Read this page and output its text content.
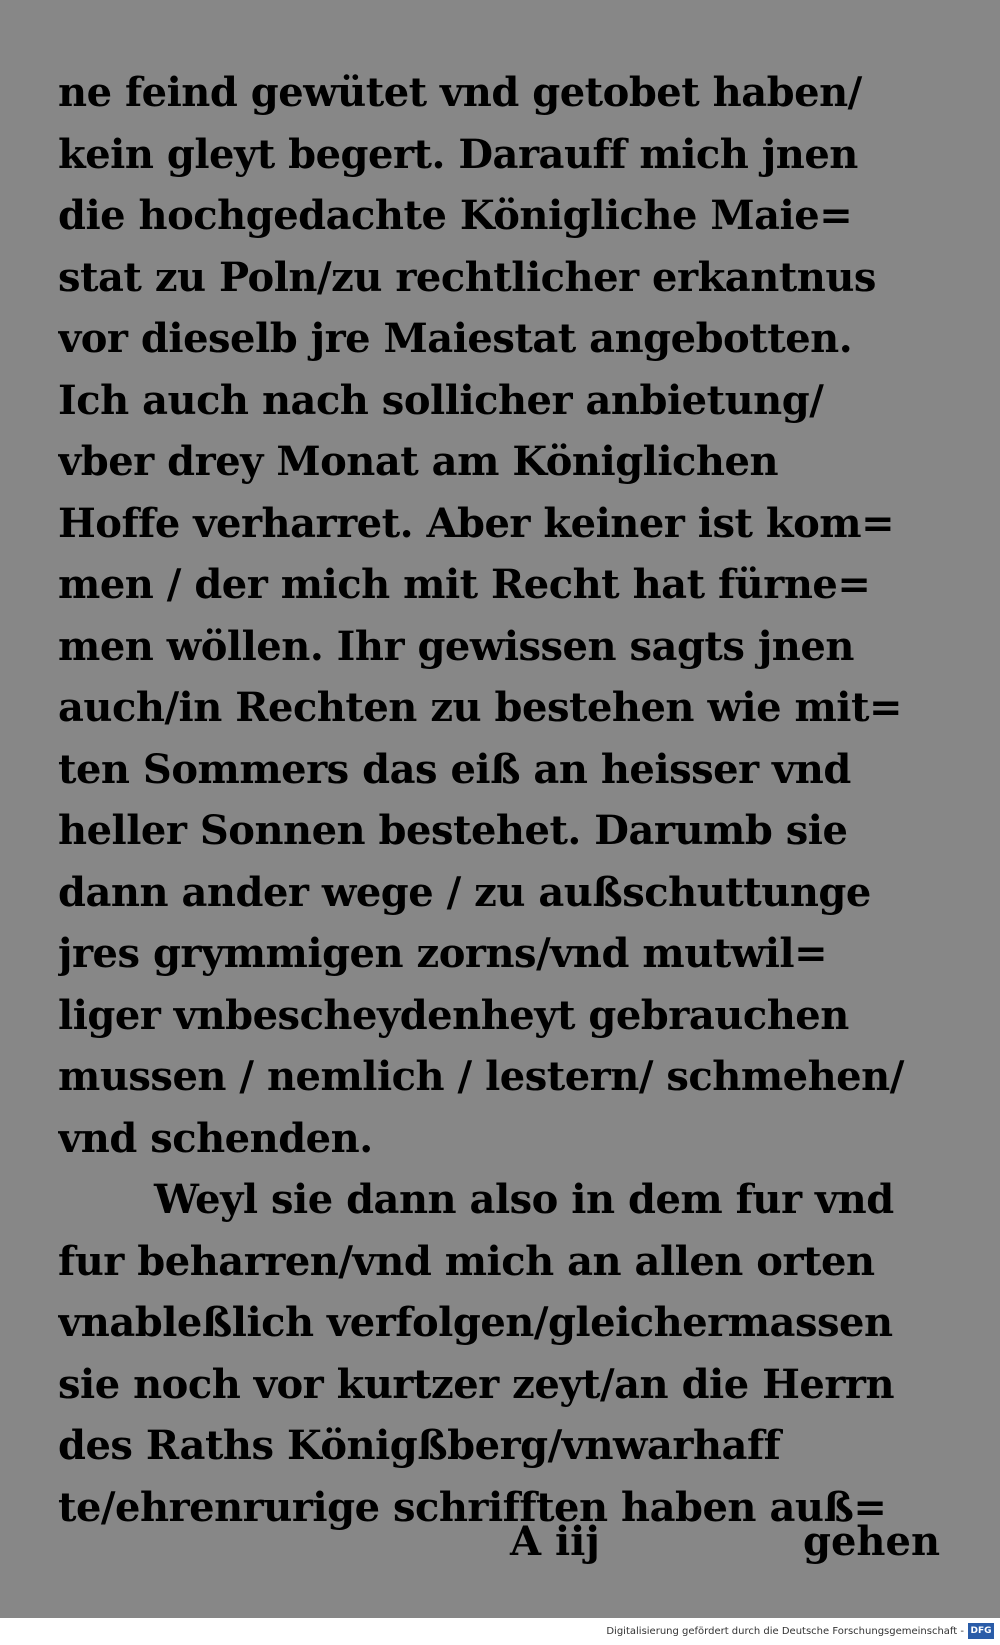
ne feind gewütet vnd getobet haben/
kein gleyt begert. Darauff mich jnen
die hochgedachte Königliche Maie=
stat zu Poln/zu rechtlicher erkantnus
vor dieselb jre Maiestat angebotten.
Ich auch nach sollicher anbietung/
vber drey Monat am Königlichen
Hoffe verharret. Aber keiner ist kom=
men / der mich mit Recht hat fürne=
men wöllen. Ihr gewissen sagts jnen
auch/in Rechten zu bestehen wie mit=
ten Sommers das eiß an heisser vnd
heller Sonnen bestehet. Darumb sie
dann ander wege / zu außschuttunge
jres grymmigen zorns/vnd mutwil=
liger vnbescheydenheyt gebrauchen
mussen / nemlich / lestern/ schmehen/
vnd schenden.
Weyl sie dann also in dem fur vnd
fur beharren/vnd mich an allen orten
vnableßlich verfolgen/gleichermassen
sie noch vor kurtzer zeyt/an die Herrn
des Raths Königßberg/vnwarhaff
te/ehrenrurige schrifften haben auß=
A iij	gehen
Digitalisierung gefördert durch die Deutsche Forschungsgemeinschaft - DFG
